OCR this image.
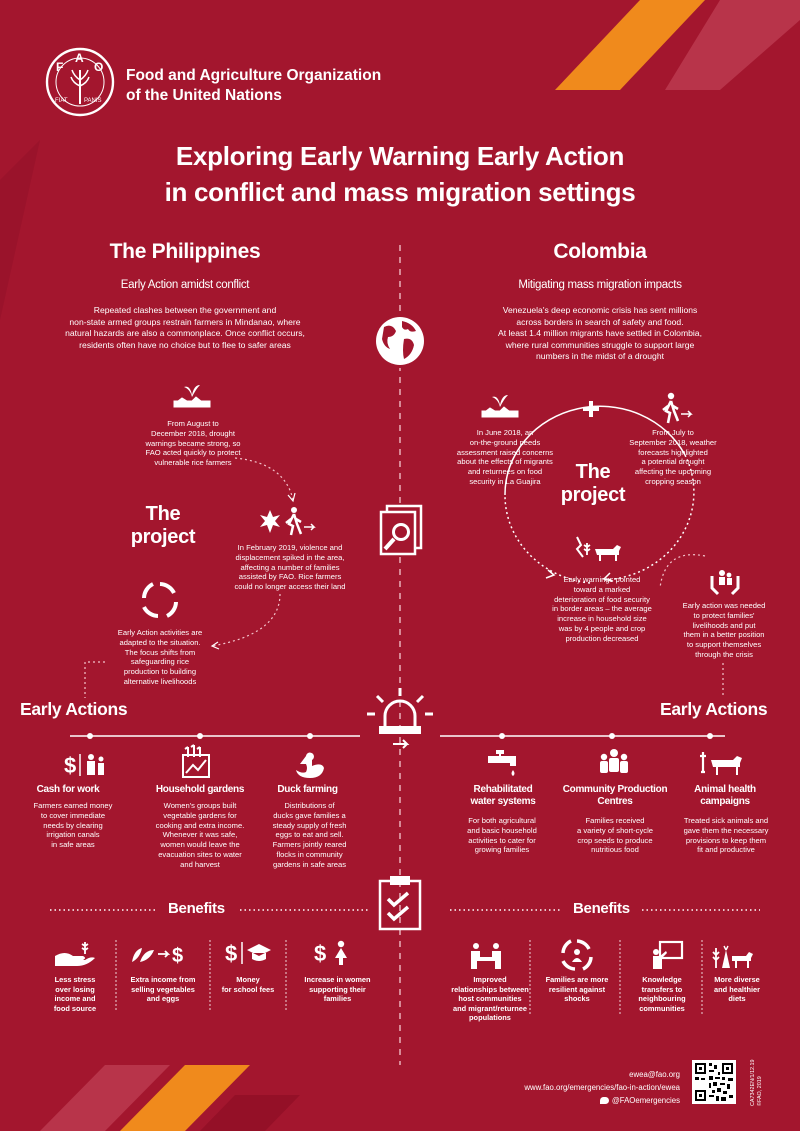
F
A
O
FIAT	PANIS
Food and Agriculture Organization
of the United Nations
Exploring Early Warning Early Action
in conflict and mass migration settings
The Philippines
Early Action amidst conflict
Repeated clashes between the government and
non-state armed groups restrain farmers in Mindanao, where
natural hazards are also a commonplace. Once conflict occurs,
residents often have no choice but to flee to safer areas
From August to
December 2018, drought
warnings became strong, so
FAO acted quickly to protect
vulnerable rice farmers
In February 2019, violence and
displacement spiked in the area,
affecting a number of families
assisted by FAO. Rice farmers
could no longer access their land
The
project
Early Action activities are
adapted to the situation.
The focus shifts from
safeguarding rice
production to building
alternative livelihoods
Early Actions
$
Cash for work	Household gardens	Duck farming
Farmers earned money
to cover immediate
needs by clearing
irrigation canals
in safe areas
Women's groups built
vegetable gardens for
cooking and extra income.
Whenever it was safe,
women would leave the
evacuation sites to water
and harvest
Distributions of
ducks gave families a
steady supply of fresh
eggs to eat and sell.
Farmers jointly reared
flocks in community
gardens in safe areas
Benefits
$ $	$
Less stress
over losing
income and
food source
Extra income from
selling vegetables
and eggs
Money
for school fees
Increase in women
supporting their
families
Colombia
Mitigating mass migration impacts
Venezuela's deep economic crisis has sent millions
across borders in search of safety and food.
At least 1.4 million migrants have settled in Colombia,
where rural communities struggle to support large
numbers in the midst of a drought
In June 2018, an
on-the-ground needs
assessment raised concerns
about the effects of migrants
and returnees on food
security in La Guajira
From July to
September 2018, weather
forecasts highlighted
a potential drought
affecting the upcoming
cropping season
The
project
Early warnings pointed
toward a marked
deterioration of food security
in border areas – the average
increase in household size
was by 4 people and crop
production decreased
Early action was needed
to protect families'
livelihoods and put
them in a better position
to support themselves
through the crisis
Early Actions
Rehabilitated
water systems
Community Production
Centres
Animal health
campaigns
For both agricultural
and basic household
activities to cater for
growing families
Families received
a variety of short-cycle
crop seeds to produce
nutritious food
Treated sick animals and
gave them the necessary
provisions to keep them
fit and productive
Benefits
Improved
relationships between
host communities
and migrant/returnee
populations
Families are more
resilient against
shocks
Knowledge
transfers to
neighbouring
communities
More diverse
and healthier
diets
ewea@fao.org
www.fao.org/emergencies/fao-in-action/ewea
@FAOemergencies	CA7342EN/1/12.19 ©FAO, 2019
